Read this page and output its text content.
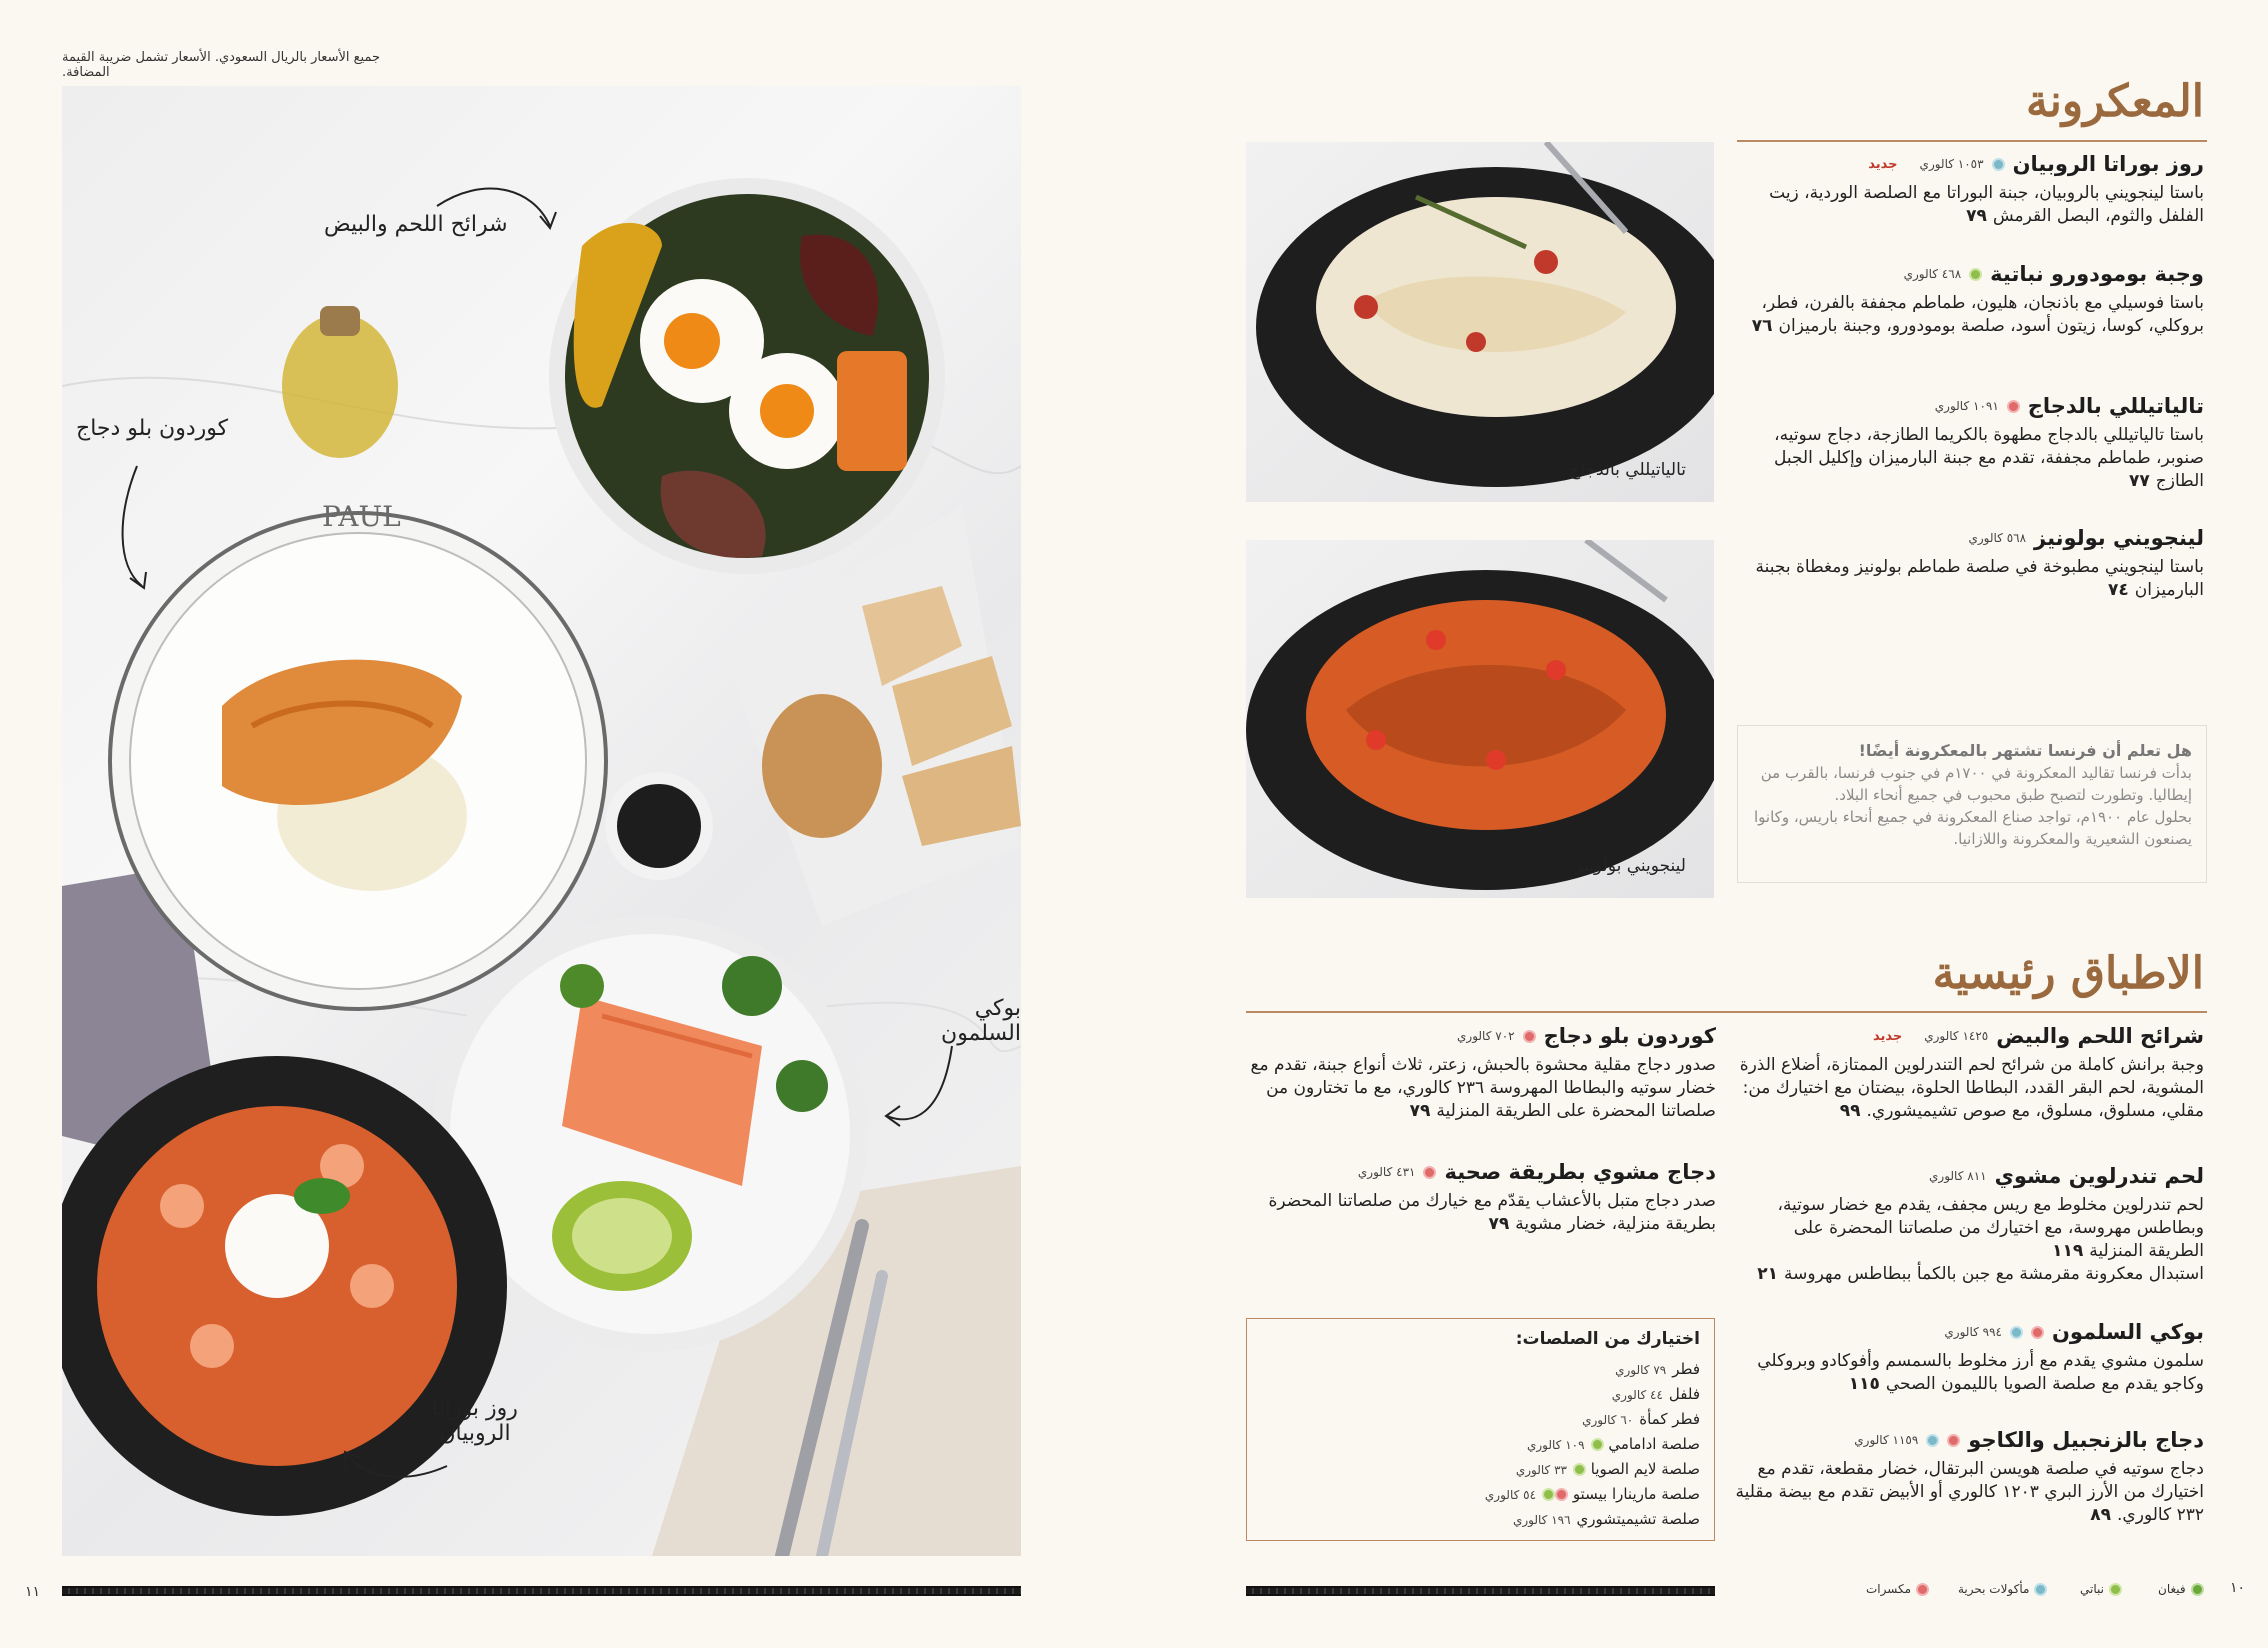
جميع الأسعار بالريال السعودي. الأسعار تشمل ضريبة القيمة المضافة.
PAUL
شرائح اللحم والبيض
كوردون بلو دجاج
بوكي السلمون
روز بوراتا
الروبيان
١١
المعكرونة
روز بوراتا الروبيان
١٠٥٣ كالوري
جديد
باستا لينجويني بالروبيان، جبنة البوراتا مع الصلصة الوردية، زيت الفلفل والثوم، البصل القرمش٧٩
وجبة بومودورو نباتية
٤٦٨ كالوري
باستا فوسيلي مع باذنجان، هليون، طماطم مجففة بالفرن، فطر، بروكلي، كوسا، زيتون أسود، صلصة بومودورو، وجبنة بارميزان٧٦
تالياتيللي بالدجاج
١٠٩١ كالوري
باستا تالياتيللي بالدجاج مطهوة بالكريما الطازجة، دجاج سوتيه، صنوبر، طماطم مجففة، تقدم مع جبنة البارميزان وإكليل الجبل الطازج٧٧
لينجويني بولونيز
٥٦٨ كالوري
باستا لينجويني مطبوخة في صلصة طماطم بولونيز ومغطاة بجبنة البارميزان٧٤
تالياتيللي بالدجاج
لينجويني بولونيز
هل تعلم أن فرنسا تشتهر بالمعكرونة أيضًا!
بدأت فرنسا تقاليد المعكرونة في ١٧٠٠م في جنوب فرنسا، بالقرب من
إيطاليا. وتطورت لتصبح طبق محبوب في جميع أنحاء البلاد.
بحلول عام ١٩٠٠م، تواجد صناع المعكرونة في جميع أنحاء باريس، وكانوا
يصنعون الشعيرية والمعكرونة واللازانيا.
الاطباق رئيسية
شرائح اللحم والبيض
١٤٢٥ كالوري
جديد
وجبة برانش كاملة من شرائح لحم التندرلوين الممتازة، أضلاع الذرة المشوية، لحم البقر القدد، البطاطا الحلوة، بيضتان مع اختيارك من: مقلي، مسلوق، مسلوق، مع صوص تشيميشوري.٩٩
لحم تندرلوين مشوي
٨١١ كالوري
لحم تندرلوين مخلوط مع ريس مجفف، يقدم مع خضار سوتية، وبطاطس مهروسة، مع اختيارك من صلصاتنا المحضرة على الطريقة المنزلية١١٩
استبدال معكرونة مقرمشة مع جبن بالكمأ ببطاطس مهروسة٢١
بوكي السلمون
٩٩٤ كالوري
سلمون مشوي يقدم مع أرز مخلوط بالسمسم وأفوكادو وبروكلي وكاجو يقدم مع صلصة الصويا بالليمون الصحي١١٥
دجاج بالزنجبيل والكاجو
١١٥٩ كالوري
دجاج سوتيه في صلصة هويسن البرتقال، خضار مقطعة، تقدم مع اختيارك من الأرز البري ١٢٠٣ كالوري أو الأبيض تقدم مع بيضة مقلية ٢٣٢ كالوري.٨٩
كوردون بلو دجاج
٧٠٢ كالوري
صدور دجاج مقلية محشوة بالحبش، زعتر، ثلاث أنواع جبنة، تقدم مع خضار سوتيه والبطاطا المهروسة ٢٣٦ كالوري، مع ما تختارون من صلصاتنا المحضرة على الطريقة المنزلية٧٩
دجاج مشوي بطريقة صحية
٤٣١ كالوري
صدر دجاج متبل بالأعشاب يقدّم مع خيارك من صلصاتنا المحضرة بطريقة منزلية، خضار مشوية٧٩
اختيارك من الصلصات:
فطر٧٩ كالوري
فلفل٤٤ كالوري
فطر كمأة٦٠ كالوري
صلصة ادامامي ١٠٩ كالوري
صلصة لايم الصويا ٣٣ كالوري
صلصة مارينارا بيستو ٥٤ كالوري
صلصة تشيميتشوري١٩٦ كالوري
فيغان
نباتي
مأكولات بحرية
مكسرات	١٠
